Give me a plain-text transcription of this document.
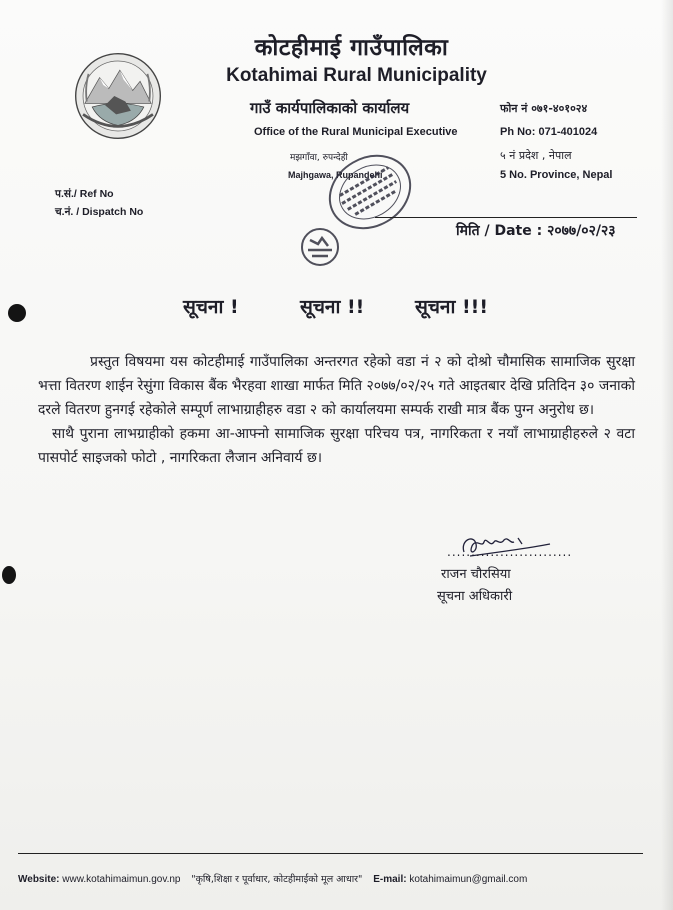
कोटहीमाई गाउँपालिका
Kotahimai Rural Municipality
गाउँ कार्यपालिकाको कार्यालय
Office of the Rural Municipal Executive
मझगाँवा, रुपन्देही
Majhgawa, Rupandehi
फोन नं ०७१-४०१०२४
Ph No: 071-401024
५ नं प्रदेश , नेपाल
5 No. Province, Nepal
प.सं./ Ref No
च.नं. / Dispatch No
मिति / Date : २०७७/०२/२३
सूचना !	सूचना !!	सूचना !!!

प्रस्तुत विषयमा यस कोटहीमाई गाउँपालिका अन्तरगत रहेको वडा नं २ को दोश्रो चौमासिक सामाजिक सुरक्षा भत्ता वितरण शाईन रेसुंगा विकास बैंक भैरहवा शाखा मार्फत मिति २०७७/०२/२५ गते आइतबार देखि प्रतिदिन ३० जनाको दरले वितरण हुनगई रहेकोले सम्पूर्ण लाभाग्राहीहरु वडा २ को कार्यालयमा सम्पर्क राखी मात्र बैंक पुग्न अनुरोध छ।

साथै पुराना लाभग्राहीको हकमा आ-आफ्नो सामाजिक सुरक्षा परिचय पत्र, नागरिकता र नयाँ लाभाग्राहीहरुले २ वटा पासपोर्ट साइजको फोटो , नागरिकता लैजान अनिवार्य छ।

..........................
राजन चौरसिया
सूचना अधिकारी
Website: www.kotahimaimun.gov.np "कृषि,शिक्षा र पूर्वाधार, कोटहीमाईको मूल आधार" E-mail: kotahimaimun@gmail.com
